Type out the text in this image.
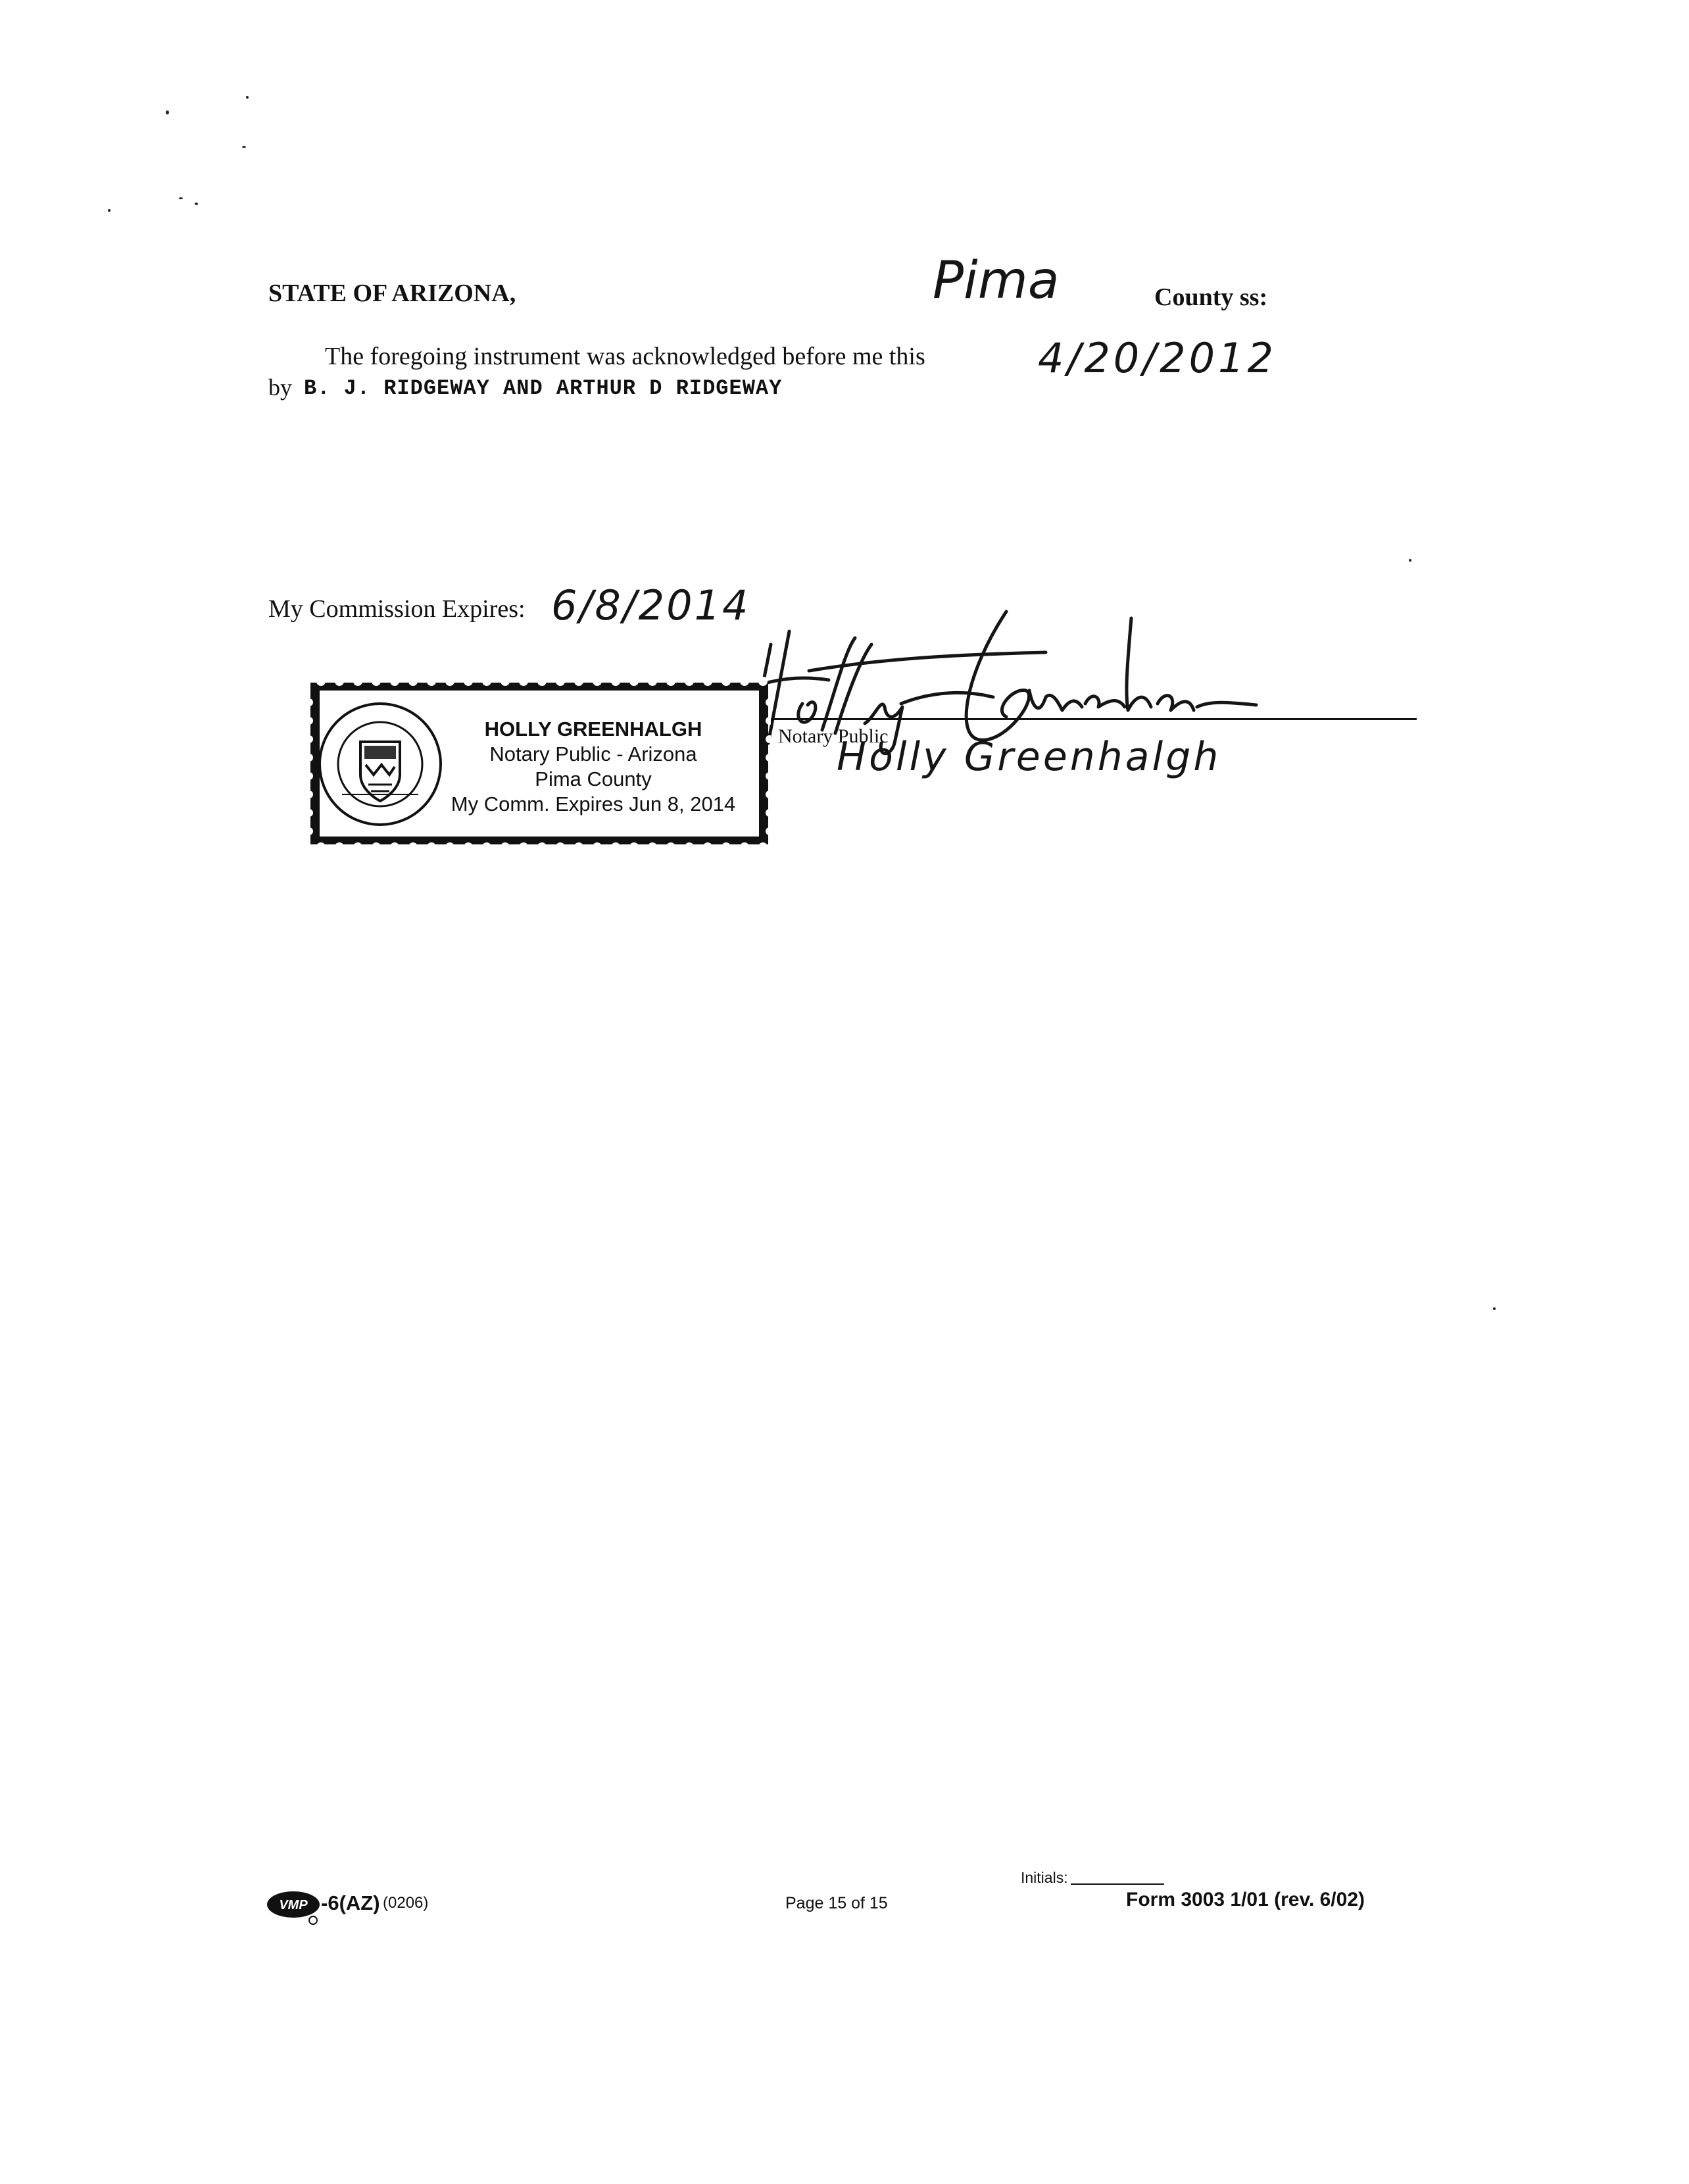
STATE OF ARIZONA,	Pima	County ss:
The foregoing instrument was acknowledged before me this	4/20/2012
by B. J. RIDGEWAY AND ARTHUR D RIDGEWAY
My Commission Expires: 6/8/2014
Notary Public
Holly Greenhalgh
HOLLY GREENHALGH
Notary Public - Arizona
Pima County
My Comm. Expires Jun 8, 2014
VMP -6(AZ) (0206)	Page 15 of 15
Initials:
Form 3003 1/01 (rev. 6/02)
